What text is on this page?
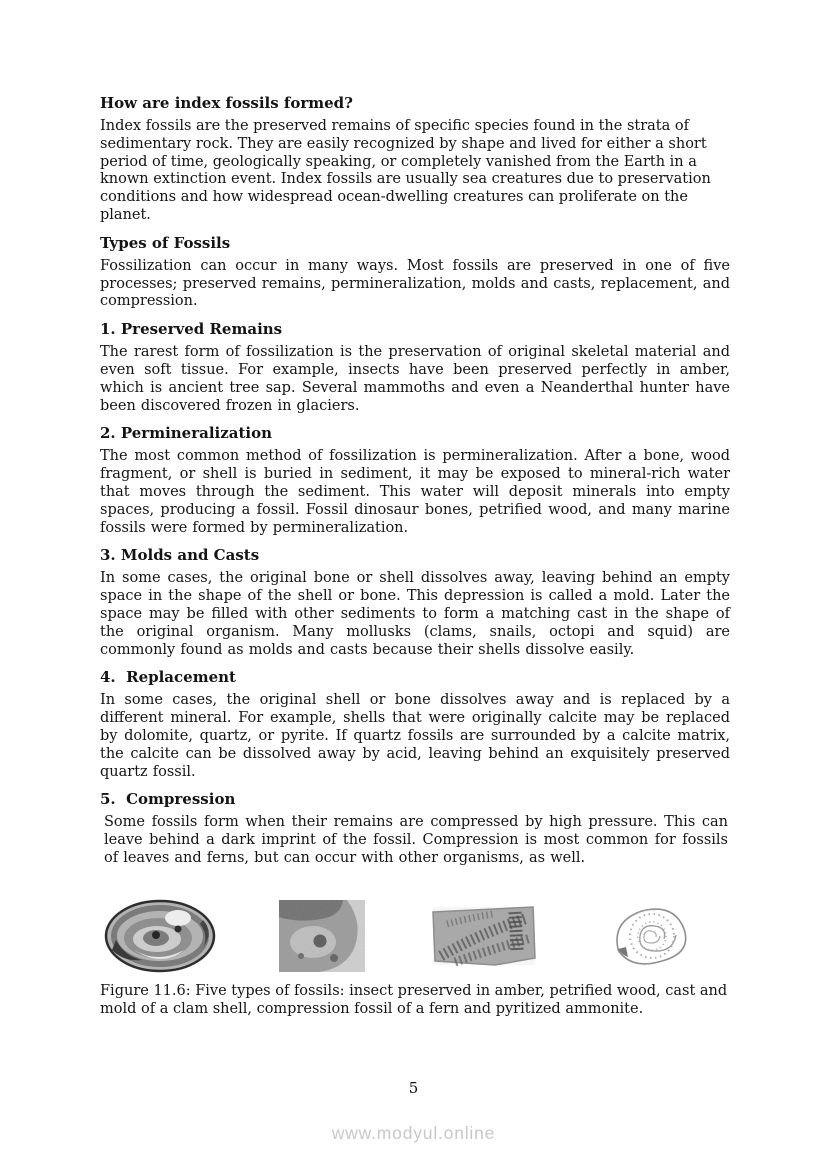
How are index fossils formed?

Index fossils are the preserved remains of specific species found in the strata of sedimentary rock. They are easily recognized by shape and lived for either a short period of time, geologically speaking, or completely vanished from the Earth in a known extinction event. Index fossils are usually sea creatures due to preservation conditions and how widespread ocean-dwelling creatures can proliferate on the planet.

Types of Fossils

Fossilization can occur in many ways. Most fossils are preserved in one of five processes; preserved remains, permineralization, molds and casts, replacement, and compression.

1. Preserved Remains

The rarest form of fossilization is the preservation of original skeletal material and even soft tissue. For example, insects have been preserved perfectly in amber, which is ancient tree sap. Several mammoths and even a Neanderthal hunter have been discovered frozen in glaciers.

2. Permineralization

The most common method of fossilization is permineralization. After a bone, wood fragment, or shell is buried in sediment, it may be exposed to mineral-rich water that moves through the sediment. This water will deposit minerals into empty spaces, producing a fossil. Fossil dinosaur bones, petrified wood, and many marine fossils were formed by permineralization.

3. Molds and Casts

In some cases, the original bone or shell dissolves away, leaving behind an empty space in the shape of the shell or bone. This depression is called a mold. Later the space may be filled with other sediments to form a matching cast in the shape of the original organism. Many mollusks (clams, snails, octopi and squid) are commonly found as molds and casts because their shells dissolve easily.

4.  Replacement

In some cases, the original shell or bone dissolves away and is replaced by a different mineral. For example, shells that were originally calcite may be replaced by dolomite, quartz, or pyrite. If quartz fossils are surrounded by a calcite matrix, the calcite can be dissolved away by acid, leaving behind an exquisitely preserved quartz fossil.

5.  Compression

Some fossils form when their remains are compressed by high pressure. This can leave behind a dark imprint of the fossil. Compression is most common for fossils of leaves and ferns, but can occur with other organisms, as well.

Figure 11.6: Five types of fossils: insect preserved in amber, petrified wood, cast and mold of a clam shell, compression fossil of a fern and pyritized ammonite.
5
www.modyul.online
